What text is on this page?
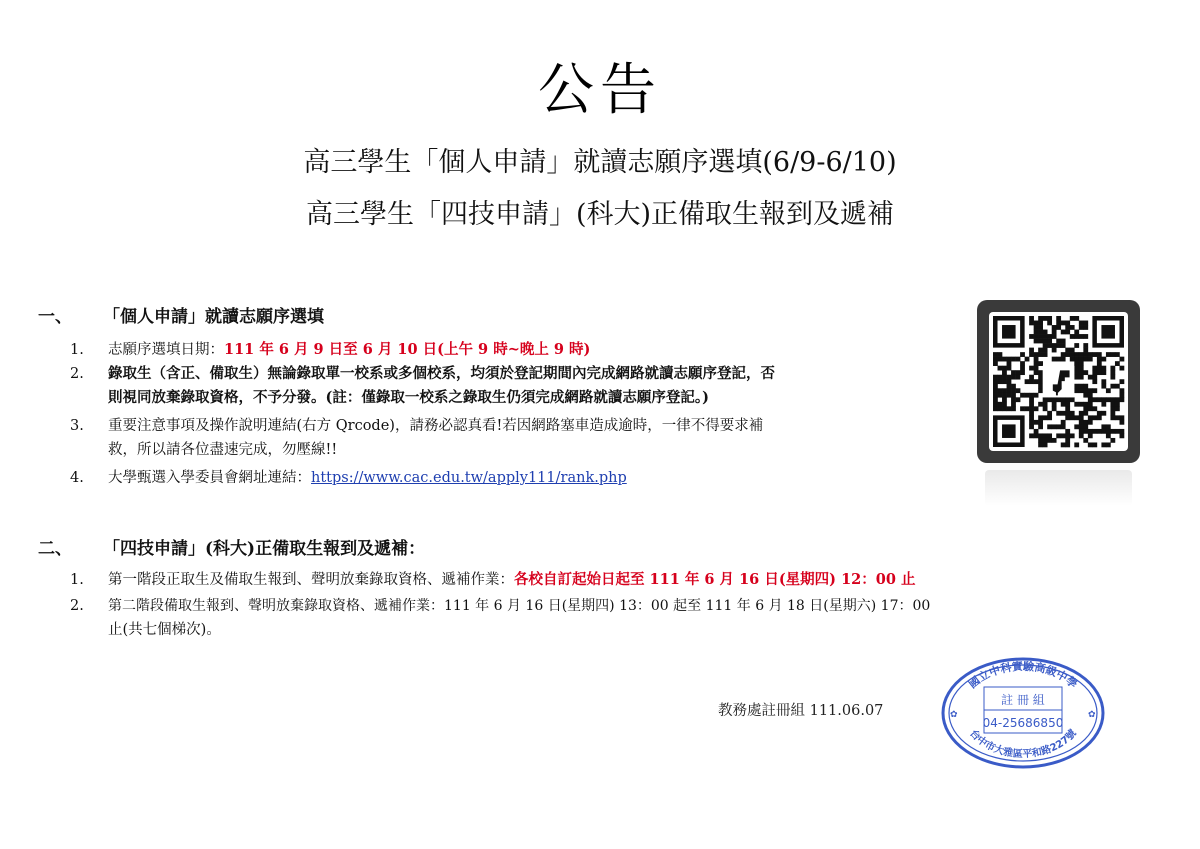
公告
高三學生「個人申請」就讀志願序選填(6/9-6/10)
高三學生「四技申請」(科大)正備取生報到及遞補
一、 「個人申請」就讀志願序選填
1.	志願序選填日期：111 年 6 月 9 日至 6 月 10 日(上午 9 時~晚上 9 時)
2.	錄取生（含正、備取生）無論錄取單一校系或多個校系，均須於登記期間內完成網路就讀志願序登記，否
則視同放棄錄取資格，不予分發。(註：僅錄取一校系之錄取生仍須完成網路就讀志願序登記。)
3.	重要注意事項及操作說明連結(右方 Qrcode)，請務必認真看!若因網路塞車造成逾時，一律不得要求補
救，所以請各位盡速完成，勿壓線!!
4.	大學甄選入學委員會網址連結：https://www.cac.edu.tw/apply111/rank.php
二、 「四技申請」(科大)正備取生報到及遞補：
1.	第一階段正取生及備取生報到、聲明放棄錄取資格、遞補作業：各校自訂起始日起至 111 年 6 月 16 日(星期四) 12：00 止
2.	第二階段備取生報到、聲明放棄錄取資格、遞補作業：111 年 6 月 16 日(星期四) 13：00 起至 111 年 6 月 18 日(星期六) 17：00
止(共七個梯次)。
教務處註冊組 111.06.07
國立中科實驗高級中學
台中市大雅區平和路227號
註 冊 組
04-25686850
✿	✿
